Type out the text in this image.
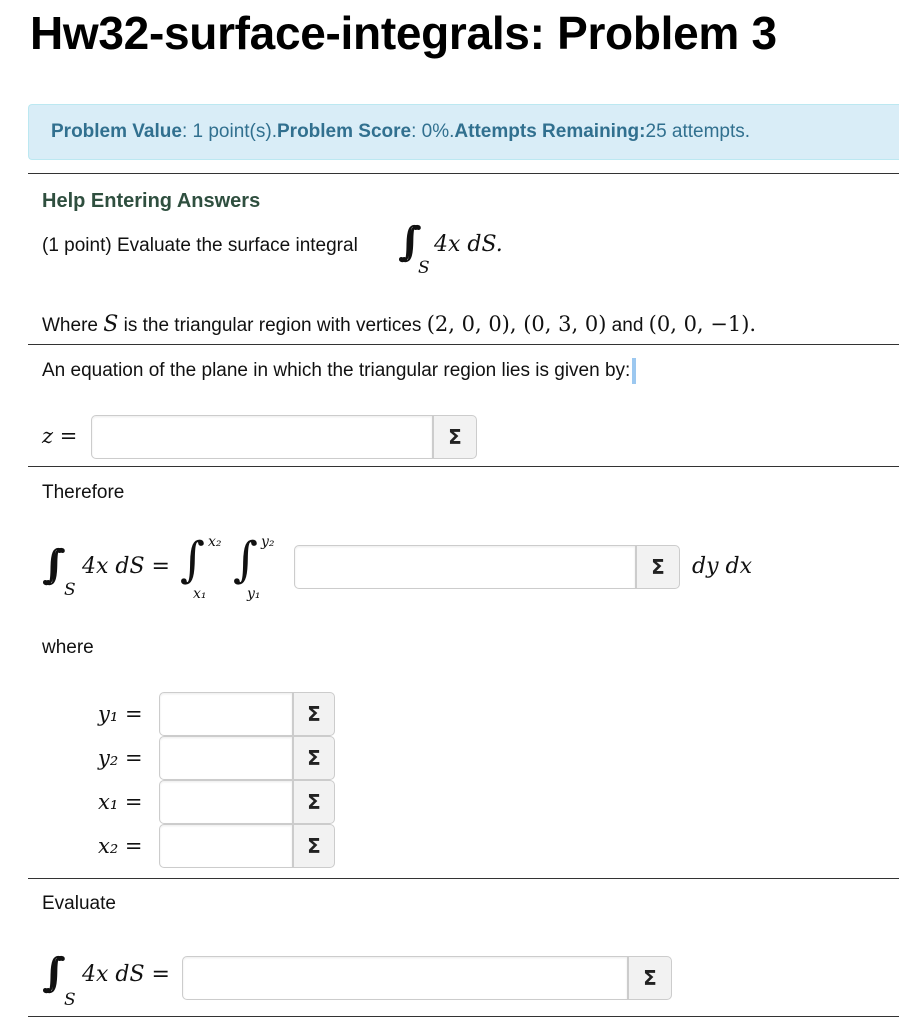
Hw32-surface-integrals: Problem 3
Problem Value : 1 point(s). Problem Score : 0%. Attempts Remaining: 25 attempts.
Help Entering Answers
(1 point) Evaluate the surface integral ∫∫
S
4x dS.
Where S is the triangular region with vertices (2, 0, 0), (0, 3, 0) and (0, 0, −1).
An equation of the plane in which the triangular region lies is given by:
z =	Σ
Therefore
∫∫
S
4x dS = ∫ x₂
x₁
∫ y₂
y₁
Σ	dy dx
where
y₁ =	Σ
y₂ =	Σ
x₁ =	Σ
x₂ =	Σ
Evaluate
∫∫
S
4x dS =	Σ
